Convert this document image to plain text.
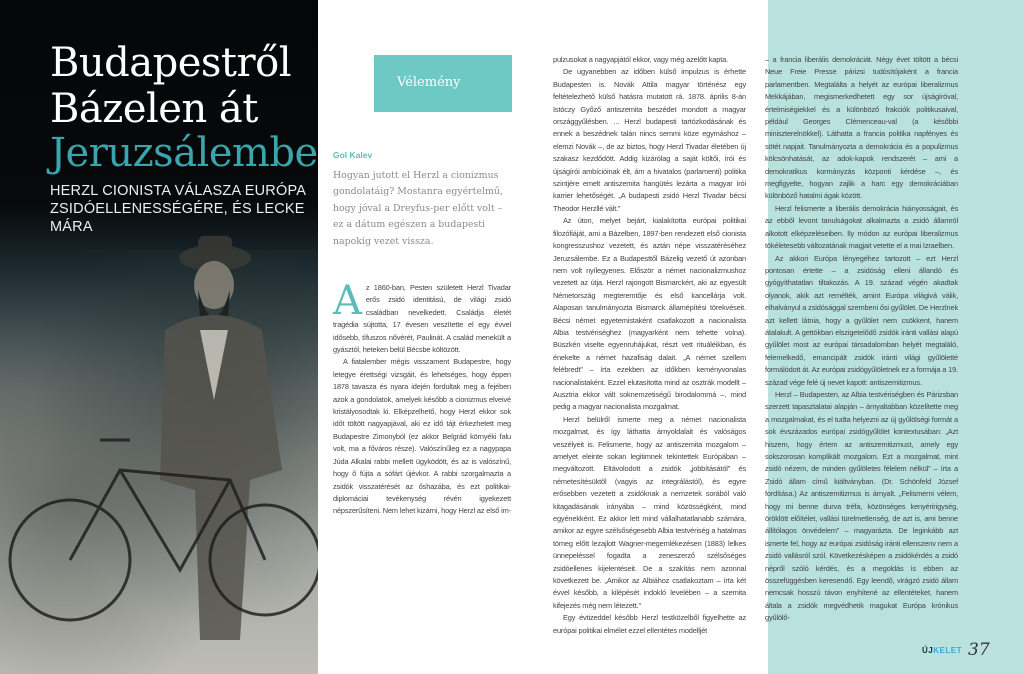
Budapestről
Bázelen át
Jeruzsálembe
HERZL CIONISTA VÁLASZA EURÓPA ZSIDÓELLENESSÉGÉRE, ÉS LECKE MÁRA
Vélemény
Gol Kalev
Hogyan jutott el Herzl a cionizmus gondolatáig? Mostanra egyértelmű, hogy jóval a Dreyfus-per előtt volt – ez a dátum egészen a budapesti napokig vezet vissza.

Az 1860-ban, Pesten született Herzl Tivadar erős zsidó identitású, de világi zsidó családban nevelkedett. Családja életét tragédia sújtotta, 17 évesen veszítette el egy évvel idősebb, tífuszos nővérét, Paulinát. A család menekült a gyásztól, heteken belül Bécsbe költözött.

A fiatalember mégis visszament Budapestre, hogy letegye érettségi vizsgáit, és lehetséges, hogy éppen 1878 tavasza és nyara idején fordultak meg a fejében azok a gondolatok, amelyek később a cionizmus elveivé kristályosodtak ki. Elképzelhető, hogy Herzl ekkor sok időt töltött nagyapjával, aki ez idő tájt érkezhetett meg Budapestre Zimonyból (ez akkor Belgrád környéki falu volt, ma a főváros része). Valószínűleg ez a nagypapa Júda Alkalai rabbi mellett ügyködött, és az is valószínű, hogy ő fújta a sófárt újévkor. A rabbi szorgalmazta a zsidók visszatérését az őshazába, és ezt politikai-diplomáciai tevékenység révén igyekezett népszerűsíteni. Nem lehet kizárni, hogy Herzl az első im-

pulzusokat a nagyapjától ekkor, vagy még azelőtt kapta.

De ugyanebben az időben külső impulzus is érhette Budapesten is. Novák Attila magyar történész egy feltételezhető külső hatásra mutatott rá. 1878. április 8-án Istóczy Győző antiszemita beszédet mondott a magyar országgyűlésben. ... Herzl budapesti tartózkodásának és ennek a beszédnek talán nincs semmi köze egymáshoz – elemzi Novák –, de az biztos, hogy Herzl Tivadar életében új szakasz kezdődött. Addig kizárólag a saját költői, írói és újságírói ambícióinak élt, ám a hivatalos (parlamenti) politika szintjére emelt antiszemita hangütés lezárta a magyar írói karrier lehetőségét. „A budapesti zsidó Herzl Tivadar bécsi Theodor Herzllé vált.”

Az úton, melyet bejárt, kialakította európai politikai filozófiáját, ami a Bázelben, 1897-ben rendezett első cionista kongresszushoz vezetett, és aztán népe visszatéréséhez Jeruzsálembe. Ez a Budapesttől Bázelig vezető út azonban nem volt nyílegyenes. Először a német nacionalizmushoz vezetett az útja. Herzl rajongott Bismarckért, aki az egyesült Németország megteremtője és első kancellárja volt. Alaposan tanulmányozta Bismarck államépítési törekvéseit. Bécsi német egyetemistaként csatlakozott a nacionalista Albia testvériséghez (magyarként nem tehette volna). Büszkén viselte egyenruhájukat, részt vett rituáléikban, és énekelte a német hazafiság dalait. „A német szellem felébredt” – írta ezekben az időkben keményvonalas nacionalistaként. Ezzel elutasította mind az osztrák modellt – Ausztria ekkor vált soknemzetiségű birodalommá –, mind pedig a magyar nacionalista mozgalmat.

Herzl belülről ismerte meg a német nacionalista mozgalmat, és így láthatta árnyoldalait és valóságos veszélyeit is. Felismerte, hogy az antiszemita mozgalom – amelyet eleinte sokan legitimnek tekintettek Európában – megváltozott. Eltávolodott a zsidók „jobbításától” és németesítésüktől (vagyis az integrálástól), és egyre erősebben vezetett a zsidóknak a nemzetek sorából való kitagadásának irányába – mind közösségként, mind egyénekként. Ez akkor lett mind vállalhatatlanabb számára, amikor az egyre szélsőségesebb Albia testvériség a hatalmas tömeg előtt lezajlott Wagner-megemlékezésen (1883) lelkes ünnepeléssel fogadta a zeneszerző szélsőséges zsidóellenes kijelentéseit. De a szakítás nem azonnal következett be. „Amikor az Albiához csatlakoztam – írta két évvel később, a kilépését indokló levelében – a szemita kifejezés még nem létezett.”

Egy évtizeddel később Herzl testközelből figyelhette az európai politikai elmélet ezzel ellentétes modelljét

– a francia liberális demokráciát. Négy évet töltött a bécsi Neue Freie Presse párizsi tudósítójaként a francia parlamentben. Megtalálta a helyét az európai liberalizmus Mekkájában, megismerkedhetett egy sor újságíróval, értelmiségiekkel és a különböző frakciók politikusaival, például Georges Clémenceau-val (a későbbi miniszterelnökkel). Láthatta a francia politika napfényes és sötét napjait. Tanulmányozta a demokrácia és a populizmus kölcsönhatását, az adok-kapok rendszerét – ami a demokratikus kormányzás központi kérdése –, és megfigyelte, hogyan zajlik a harc egy demokráciában különböző hatalmi ágak között.

Herzl felismerte a liberális demokrácia hiányosságait, és az ebből levont tanulságokat alkalmazta a zsidó államról alkotott elképzeléseiben. Ily módon az európai liberalizmus tökéletesebb változatának magjait vetette el a mai Izraelben.

Az akkori Európa lényegéhez tartozott – ezt Herzl pontosan értette – a zsidóság elleni állandó és gyógyíthatatlan tiltakozás. A 19. század végén akadtak olyanok, akik azt remélték, amint Európa világivá válik, elhalványul a zsidósággal szembeni ősi gyűlölet. De Herzlnek azt kellett látnia, hogy a gyűlölet nem csökkent, hanem átalakult. A gettókban elszigetelődő zsidók iránti vallási alapú gyűlölet most az európai társadalomban helyét megtaláló, felemelkedő, emancipált zsidók iránti világi gyűlöletté formálódott át. Az európai zsidógyűlöletnek ez a formája a 19. század vége felé új nevet kapott: antiszemitizmus.

Herzl – Budapesten, az Albia testvériségben és Párizsban szerzett tapasztalatai alapján – árnyaltabban közelítette meg a mozgalmakat, és el tudta helyezni az új gyűlölségi formát a sok évszázados európai zsidógyűlölet kontextusában: „Azt hiszem, hogy értem az antiszemitizmust, amely egy sokszorosan komplikált mozgalom. Ezt a mozgalmat, mint zsidó nézem, de minden gyűlöletes félelem nélkül” – írta a Zsidó állam című kiáltványban. (Dr. Schönfeld József fordítása.) Az antiszemitizmus is árnyalt. „Felismerni vélem, hogy mi benne durva tréfa, közönséges kenyéririgység, öröklött előítélet, vallási türelmetlenség, de azt is, ami benne állítólagos önvédelem” – magyarázta. De leginkább azt ismerte fel, hogy az európai zsidóság iránti ellenszenv nem a zsidó vallásról szól. Következésképen a zsidókérdés a zsidó népről szóló kérdés, és a megoldás is ebben az összefüggésben keresendő. Egy leendő, virágzó zsidó állam nemcsak hosszú távon enyhítené az ellentéteket, hanem általa a zsidók megvédhetik magukat Európa krónikus gyűlölő-

ÚJKELET 37
